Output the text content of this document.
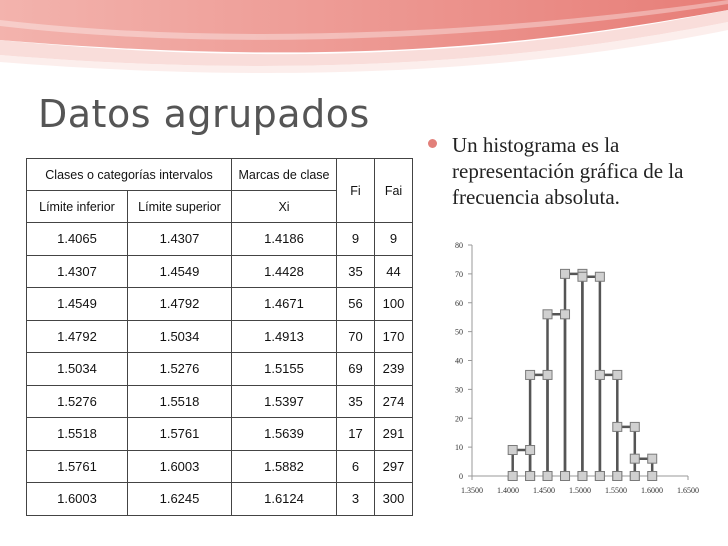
Datos agrupados
Un histograma es la representación gráfica de la frecuencia absoluta.
Clases o categorías intervalos		Marcas de clase	Fi	Fai
Límite inferior	Límite superior	Xi		
1.4065	1.4307	1.4186	9	9
1.4307	1.4549	1.4428	35	44
1.4549	1.4792	1.4671	56	100
1.4792	1.5034	1.4913	70	170
1.5034	1.5276	1.5155	69	239
1.5276	1.5518	1.5397	35	274
1.5518	1.5761	1.5639	17	291
1.5761	1.6003	1.5882	6	297
1.6003	1.6245	1.6124	3	300
0
10
20
30
40
50
60
70
80
1.3500 1.4000 1.4500 1.5000 1.5500 1.6000 1.6500
